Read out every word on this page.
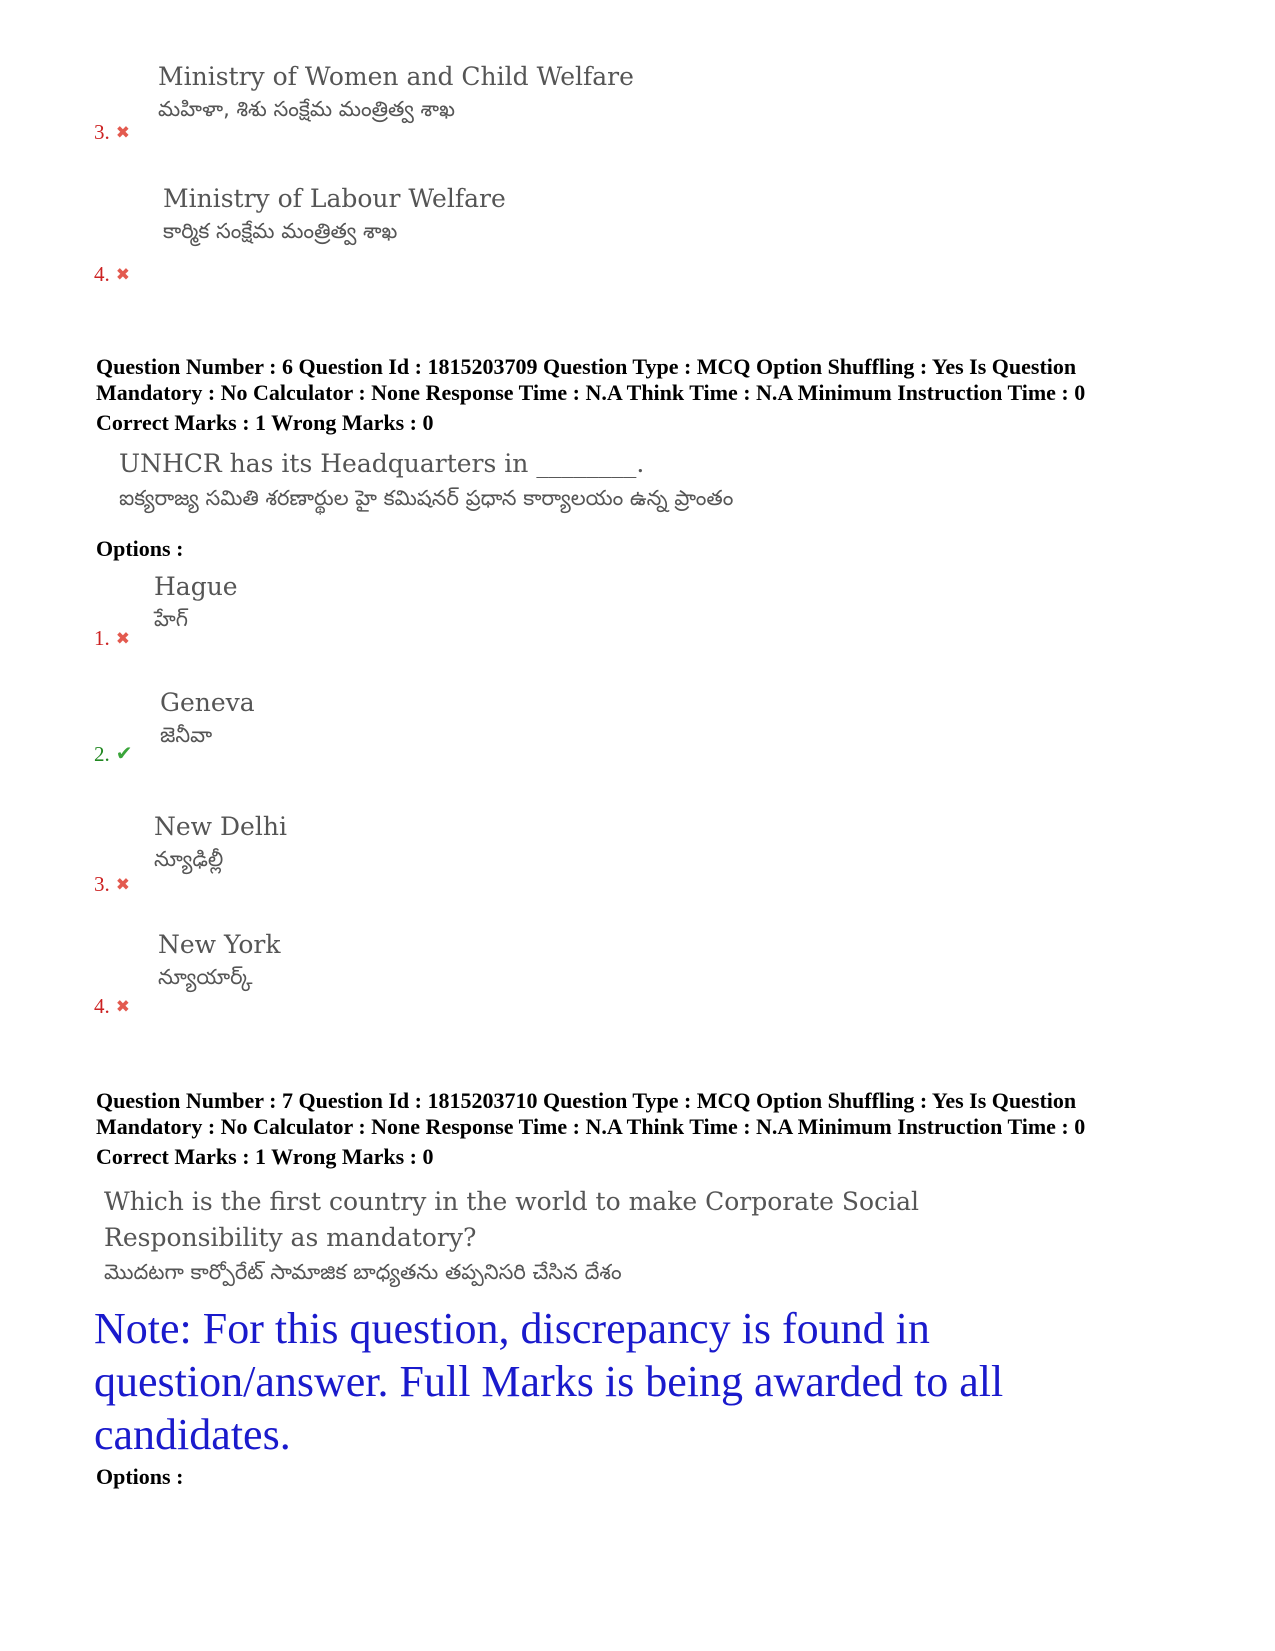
Ministry of Women and Child Welfare
మహిళా, శిశు సంక్షేమ మంత్రిత్వ శాఖ
3. ✖
Ministry of Labour Welfare
కార్మిక సంక్షేమ మంత్రిత్వ శాఖ
4. ✖
Question Number : 6 Question Id : 1815203709 Question Type : MCQ Option Shuffling : Yes Is Question
Mandatory : No Calculator : None Response Time : N.A Think Time : N.A Minimum Instruction Time : 0
Correct Marks : 1 Wrong Marks : 0
UNHCR has its Headquarters in ________.
ఐక్యరాజ్య సమితి శరణార్థుల హై కమిషనర్ ప్రధాన కార్యాలయం ఉన్న ప్రాంతం
Options :
Hague
హేగ్
1. ✖
Geneva
జెనీవా
2. ✔
New Delhi
న్యూఢిల్లీ
3. ✖
New York
న్యూయార్క్
4. ✖
Question Number : 7 Question Id : 1815203710 Question Type : MCQ Option Shuffling : Yes Is Question
Mandatory : No Calculator : None Response Time : N.A Think Time : N.A Minimum Instruction Time : 0
Correct Marks : 1 Wrong Marks : 0
Which is the first country in the world to make Corporate Social
Responsibility as mandatory?
మొదటగా కార్పోరేట్ సామాజిక బాధ్యతను తప్పనిసరి చేసిన దేశం
Note: For this question, discrepancy is found in question/answer. Full Marks is being awarded to all candidates.
Options :
